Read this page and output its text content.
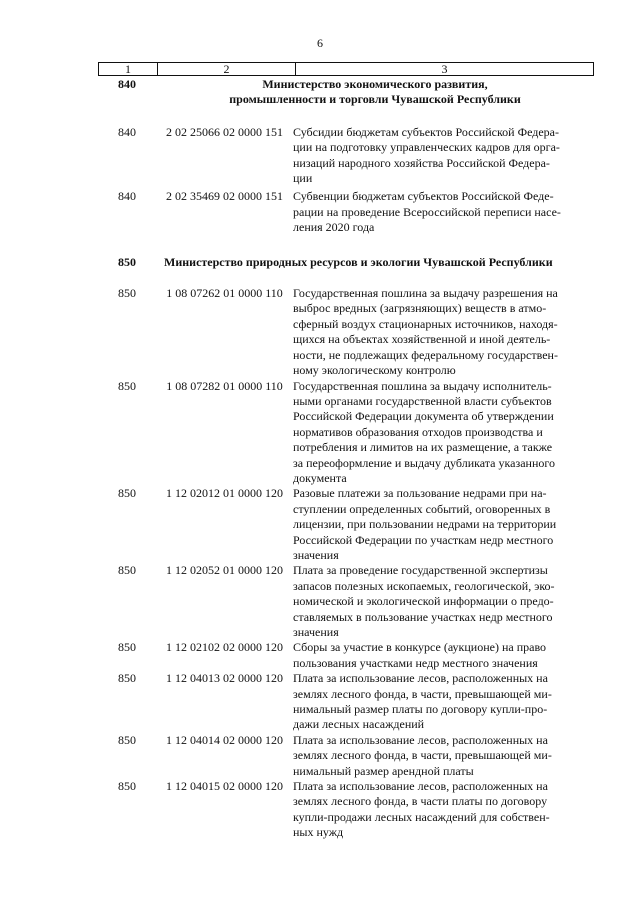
6
1	2	3
840	Министерство экономического развития,
промышленности и торговли Чувашской Республики
840	2 02 25066 02 0000 151 Субсидии бюджетам субъектов Российской Федера-
ции на подготовку управленческих кадров для орга-
низаций народного хозяйства Российской Федера-
ции
840	2 02 35469 02 0000 151 Субвенции бюджетам субъектов Российской Феде-
рации на проведение Всероссийской переписи насе-
ления 2020 года
850	Министерство природных ресурсов и экологии Чувашской Республики
850	1 08 07262 01 0000 110 Государственная пошлина за выдачу разрешения на
выброс вредных (загрязняющих) веществ в атмо-
сферный воздух стационарных источников, находя-
щихся на объектах хозяйственной и иной деятель-
ности, не подлежащих федеральному государствен-
ному экологическому контролю
850	1 08 07282 01 0000 110 Государственная пошлина за выдачу исполнитель-
ными органами государственной власти субъектов
Российской Федерации документа об утверждении
нормативов образования отходов производства и
потребления и лимитов на их размещение, а также
за переоформление и выдачу дубликата указанного
документа
850	1 12 02012 01 0000 120 Разовые платежи за пользование недрами при на-
ступлении определенных событий, оговоренных в
лицензии, при пользовании недрами на территории
Российской Федерации по участкам недр местного
значения
850	1 12 02052 01 0000 120 Плата за проведение государственной экспертизы
запасов полезных ископаемых, геологической, эко-
номической и экологической информации о предо-
ставляемых в пользование участках недр местного
значения
850	1 12 02102 02 0000 120 Сборы за участие в конкурсе (аукционе) на право
пользования участками недр местного значения
850	1 12 04013 02 0000 120 Плата за использование лесов, расположенных на
землях лесного фонда, в части, превышающей ми-
нимальный размер платы по договору купли-про-
дажи лесных насаждений
850	1 12 04014 02 0000 120 Плата за использование лесов, расположенных на
землях лесного фонда, в части, превышающей ми-
нимальный размер арендной платы
850	1 12 04015 02 0000 120 Плата за использование лесов, расположенных на
землях лесного фонда, в части платы по договору
купли-продажи лесных насаждений для собствен-
ных нужд
